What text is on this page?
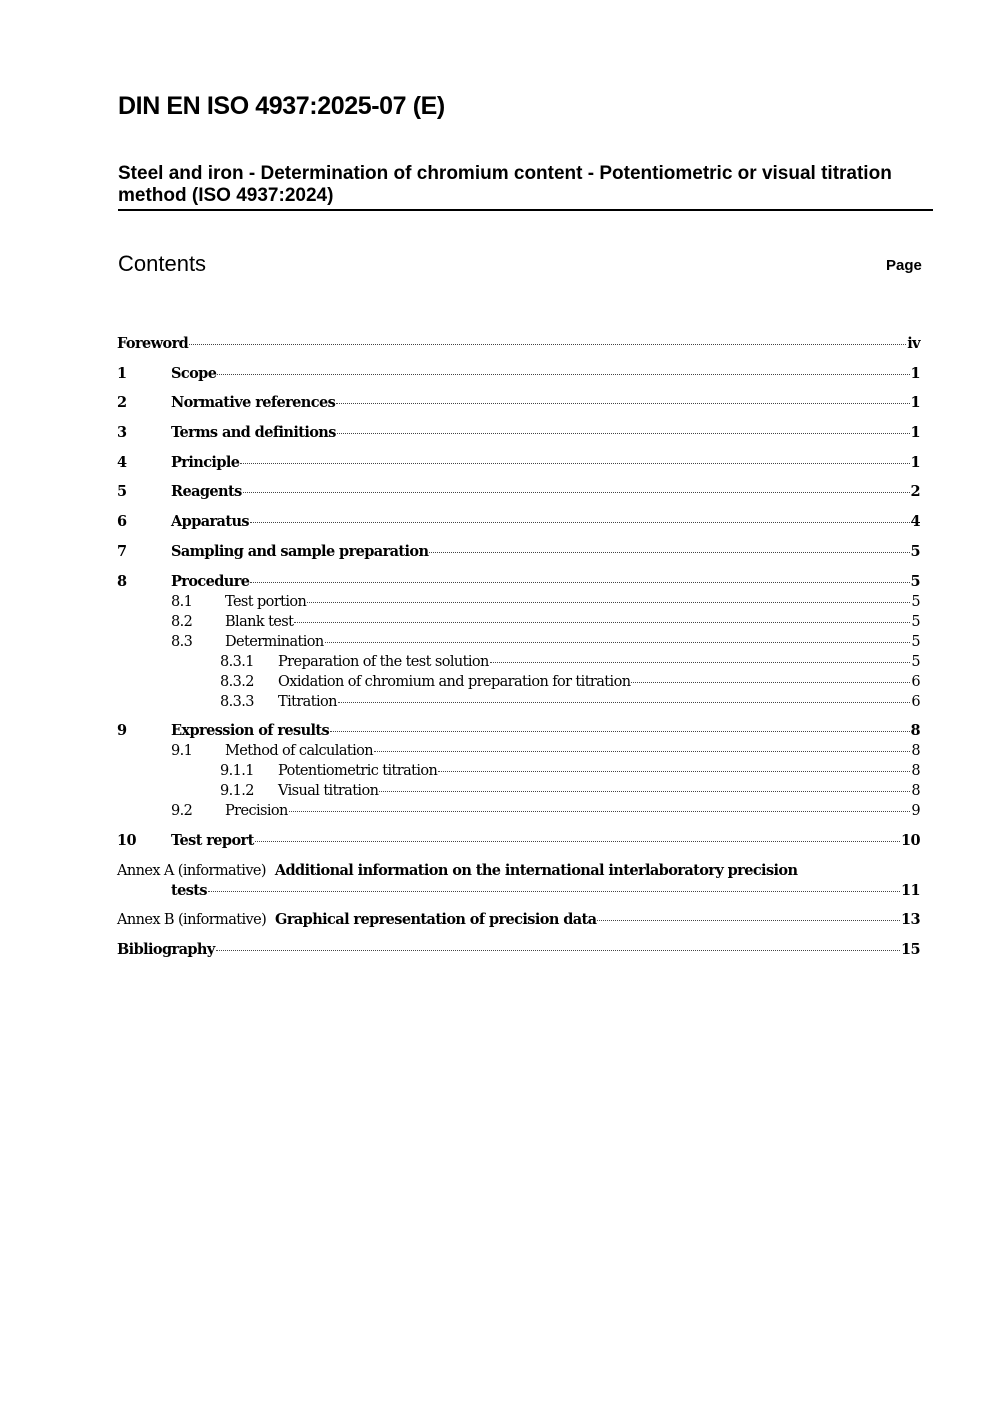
DIN EN ISO 4937:2025-07 (E)
Steel and iron - Determination of chromium content - Potentiometric or visual titration method (ISO 4937:2024)
Contents	Page
Foreword	iv
1	Scope	1
2	Normative references	1
3	Terms and definitions	1
4	Principle	1
5	Reagents	2
6	Apparatus	4
7	Sampling and sample preparation	5
8	Procedure	5
8.1	Test portion	5
8.2	Blank test	5
8.3	Determination	5
8.3.1	Preparation of the test solution	5
8.3.2	Oxidation of chromium and preparation for titration	6
8.3.3	Titration	6
9	Expression of results	8
9.1	Method of calculation	8
9.1.1	Potentiometric titration	8
9.1.2	Visual titration	8
9.2	Precision	9
10	Test report	10
Annex A (informative) Additional information on the international interlaboratory precision
tests	11
Annex B (informative) Graphical representation of precision data	13
Bibliography	15
